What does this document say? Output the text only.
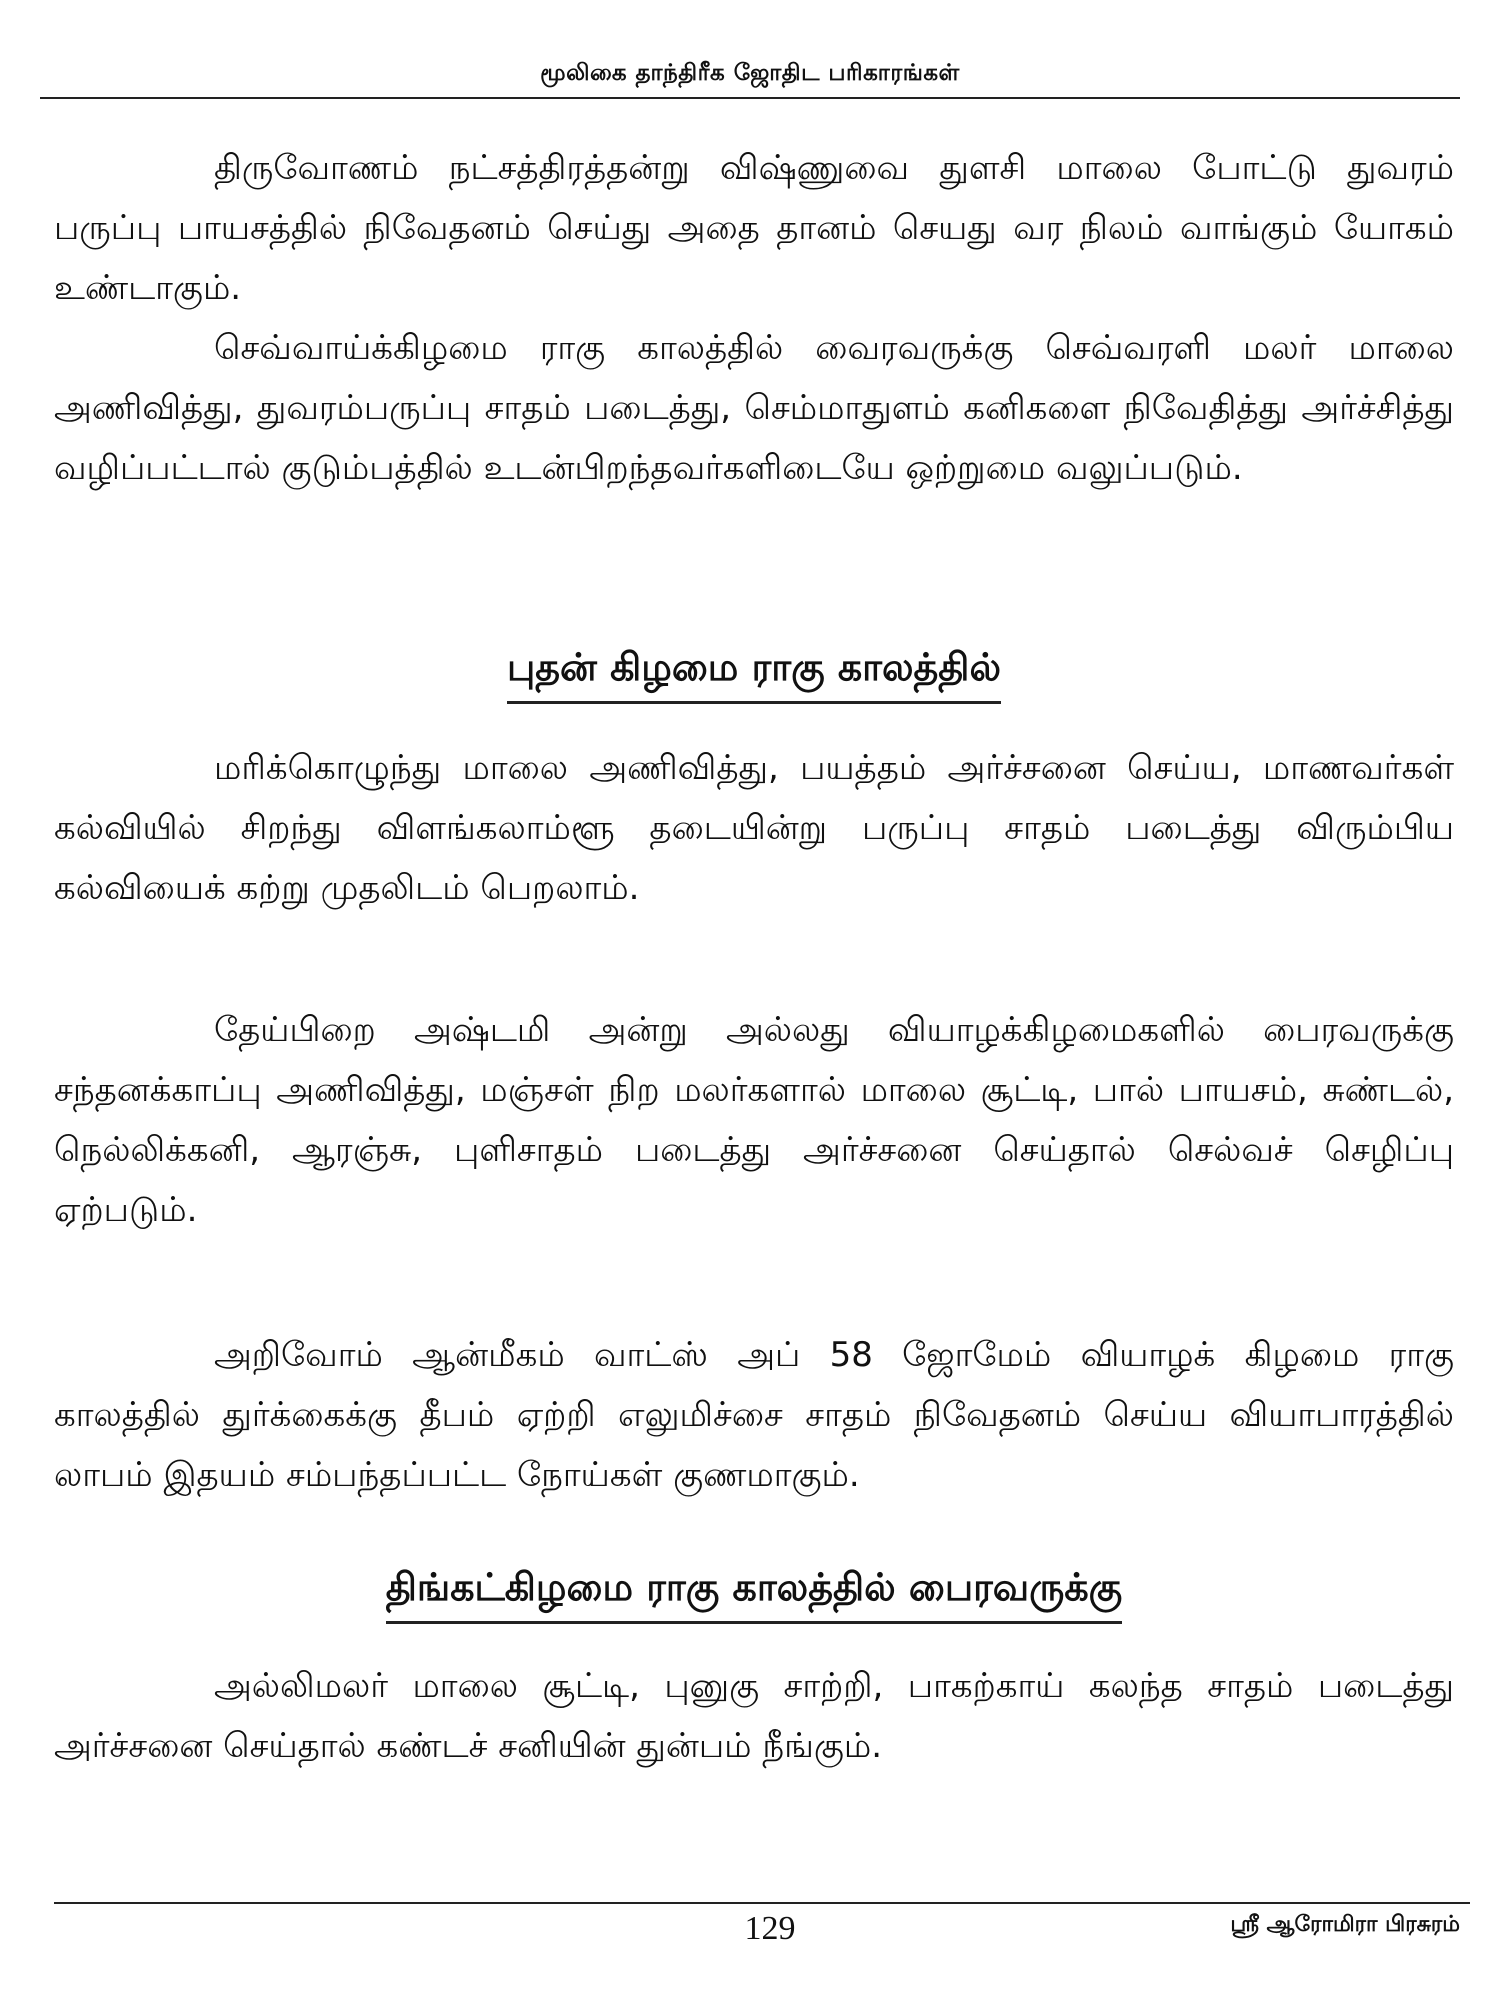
மூலிகை தாந்திரீக ஜோதிட பரிகாரங்கள்

திருவோணம் நட்சத்திரத்தன்று விஷ்ணுவை துளசி மாலை போட்டு துவரம் பருப்பு பாயசத்தில் நிவேதனம் செய்து அதை தானம் செயது வர நிலம் வாங்கும் யோகம் உண்டாகும்.

செவ்வாய்க்கிழமை ராகு காலத்தில் வைரவருக்கு செவ்வரளி மலர் மாலை அணிவித்து, துவரம்பருப்பு சாதம் படைத்து, செம்மாதுளம் கனிகளை நிவேதித்து அர்ச்சித்து வழிப்பட்டால் குடும்பத்தில் உடன்பிறந்தவர்களிடையே ஒற்றுமை வலுப்படும்.

புதன் கிழமை ராகு காலத்தில்

மரிக்கொழுந்து மாலை அணிவித்து, பயத்தம் அர்ச்சனை செய்ய, மாணவர்கள் கல்வியில் சிறந்து விளங்கலாம்ளூ தடையின்று பருப்பு சாதம் படைத்து விரும்பிய கல்வியைக் கற்று முதலிடம் பெறலாம்.

தேய்பிறை அஷ்டமி அன்று அல்லது வியாழக்கிழமைகளில் பைரவருக்கு சந்தனக்காப்பு அணிவித்து, மஞ்சள் நிற மலர்களால் மாலை சூட்டி, பால் பாயசம், சுண்டல், நெல்லிக்கனி, ஆரஞ்சு, புளிசாதம் படைத்து அர்ச்சனை செய்தால் செல்வச் செழிப்பு ஏற்படும்.

அறிவோம் ஆன்மீகம் வாட்ஸ் அப் 58 ஜோமேம் வியாழக் கிழமை ராகு காலத்தில் துர்க்கைக்கு தீபம் ஏற்றி எலுமிச்சை சாதம் நிவேதனம் செய்ய வியாபாரத்தில் லாபம் இதயம் சம்பந்தப்பட்ட நோய்கள் குணமாகும்.

திங்கட்கிழமை ராகு காலத்தில் பைரவருக்கு

அல்லிமலர் மாலை சூட்டி, புனுகு சாற்றி, பாகற்காய் கலந்த சாதம் படைத்து அர்ச்சனை செய்தால் கண்டச் சனியின் துன்பம் நீங்கும்.

129	ஸ்ரீ ஆரோமிரா பிரசுரம்
